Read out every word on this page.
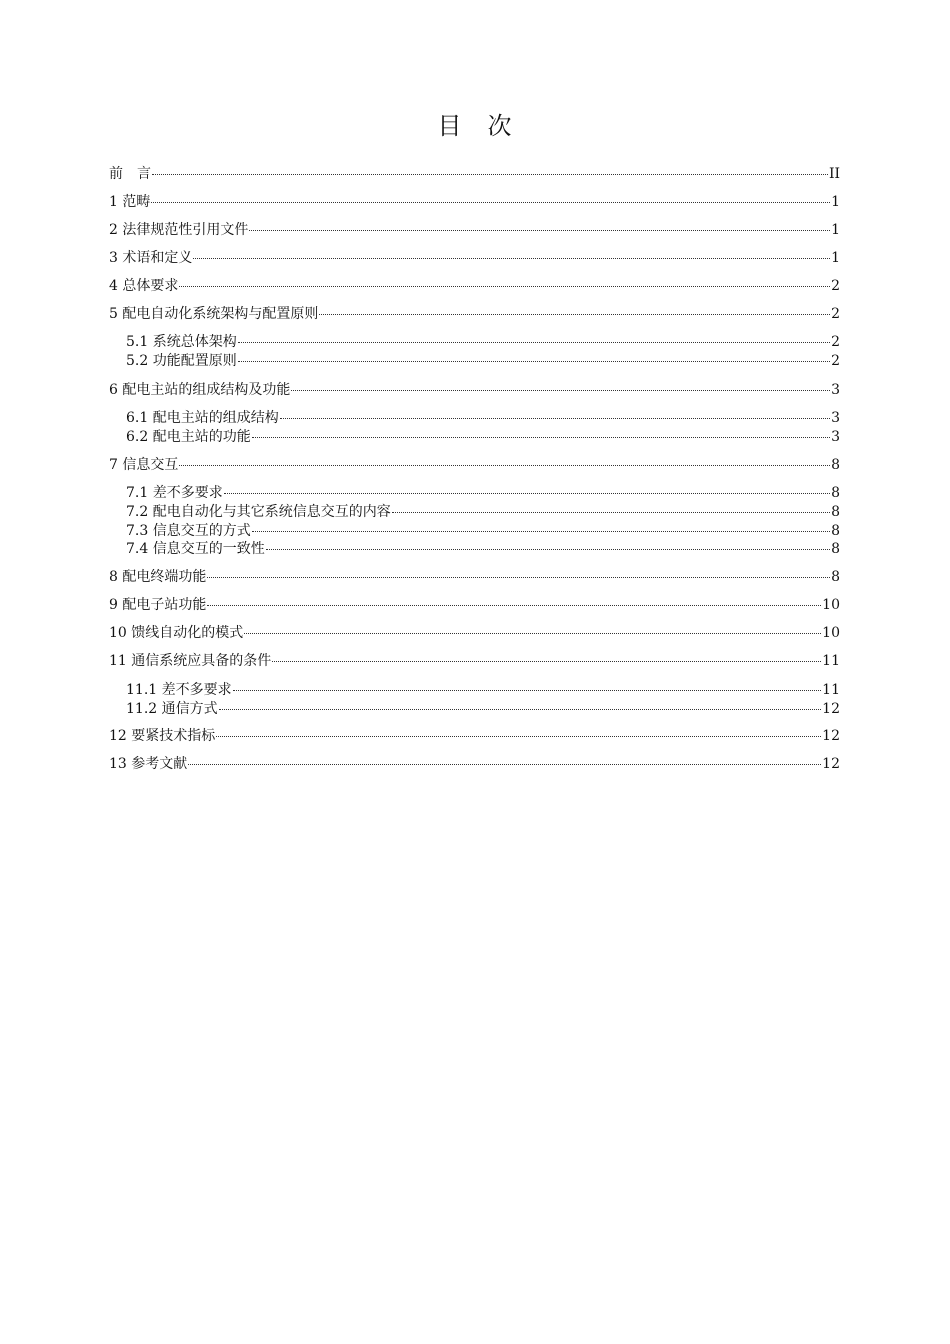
目　次
前　言	II
1 范畴	1
2 法律规范性引用文件	1
3 术语和定义	1
4 总体要求	2
5 配电自动化系统架构与配置原则	2
5.1 系统总体架构	2
5.2 功能配置原则	2
6 配电主站的组成结构及功能	3
6.1 配电主站的组成结构	3
6.2 配电主站的功能	3
7 信息交互	8
7.1 差不多要求	8
7.2 配电自动化与其它系统信息交互的内容	8
7.3 信息交互的方式	8
7.4 信息交互的一致性	8
8 配电终端功能	8
9 配电子站功能	10
10 馈线自动化的模式	10
11 通信系统应具备的条件	11
11.1 差不多要求	11
11.2 通信方式	12
12 要紧技术指标	12
13 参考文献	12
